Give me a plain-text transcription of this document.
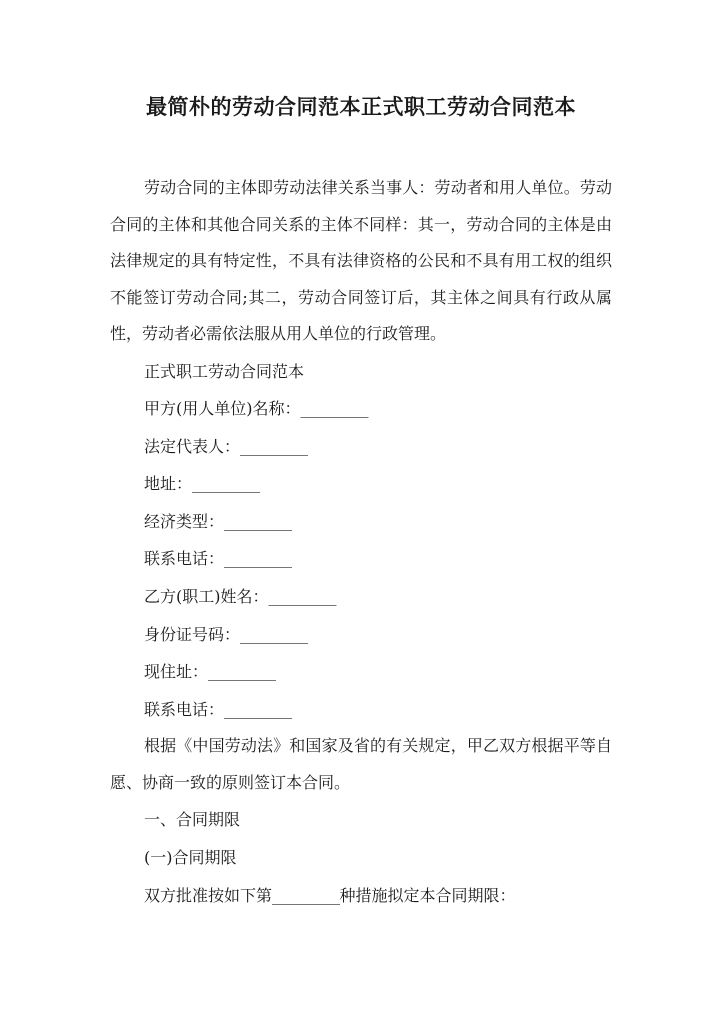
最简朴的劳动合同范本正式职工劳动合同范本

劳动合同的主体即劳动法律关系当事人：劳动者和用人单位。劳动合同的主体和其他合同关系的主体不同样：其一，劳动合同的主体是由法律规定的具有特定性，不具有法律资格的公民和不具有用工权的组织不能签订劳动合同;其二，劳动合同签订后，其主体之间具有行政从属性，劳动者必需依法服从用人单位的行政管理。

正式职工劳动合同范本

甲方(用人单位)名称：_________

法定代表人：_________

地址：_________

经济类型：_________

联系电话：_________

乙方(职工)姓名：_________

身份证号码：_________

现住址：_________

联系电话：_________

根据《中国劳动法》和国家及省的有关规定，甲乙双方根据平等自愿、协商一致的原则签订本合同。

一、合同期限

(一)合同期限

双方批准按如下第_________种措施拟定本合同期限：
